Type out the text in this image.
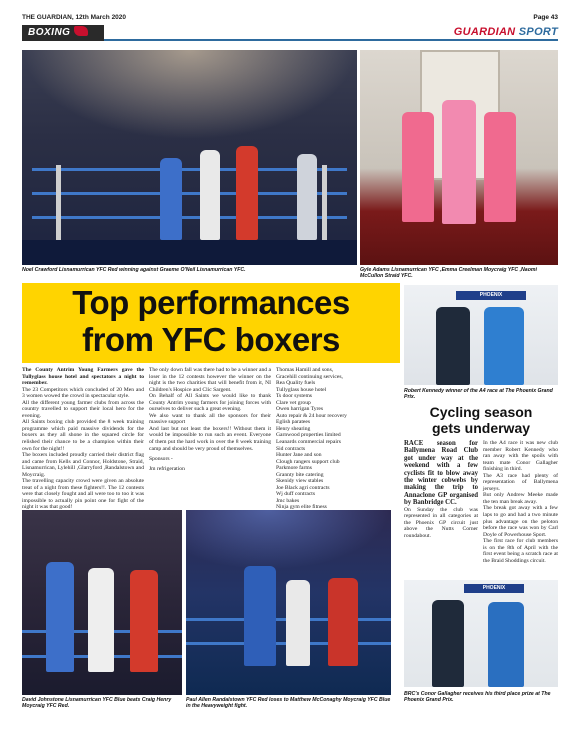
THE GUARDIAN, 12th March 2020	Page 43
BOXING	GUARDIAN SPORT
Noel Crawford Lisnamurrican YFC Red winning against Graeme O'Neil Lisnamurrican YFC.	Gyle Adams Lisnamurrican YFC ,Emma Creelman Moycraig YFC ,Naomi McCullon Straid YFC.
Top performances
from YFC boxers
PHOENIX
Robert Kennedy winner of the A4 race at The Phoenix Grand Prix.
Cycling season
gets underway

The County Antrim Young Farmers gave the Tullyglass house hotel and spectators a night to remember.

The 23 Competitors which concluded of 20 Men and 3 women wowed the crowd in spectacular style.

All the different young farmer clubs from across the country travelled to support their local hero for the evening.

All Saints boxing club provided the 8 week training programme which paid massive dividends for the boxers as they all shone in the squared circle for relished their chance to be a champion within their own for the night!!

The boxers included proudly carried their district flag and came from Kells and Connor, Holdstone, Straid, Lisnamurrican, Lylehill ,Glarryford ,Randalstown and Moycraig.

The travelling capacity crowd were given an absolute treat of a night from these fighters!!. The 12 contests were that closely fought and all were too to too it was impossible to actually pin point one for fight of the night it was that good!

The only down fall was there had to be a winner and a loser in the 12 contests however the winner on the night is the two charities that will benefit from it, NI Children's Hospice and Clic Sargent.

On Behalf of All Saints we would like to thank County Antrim young farmers for joining forces with ourselves to deliver such a great evening.

We also want to thank all the sponsors for their massive support

And last but not least the boxers!! Without them it would be impossible to run such an event. Everyone of them put the hard work in over the 8 week training camp and should be very proud of themselves.

Sponsors -

Jm refrigeration

Thomas Hamill and sons,

Gracehill continuing services,

Rea Quality fuels

Tullyglass house hotel

Ts door systems

Clare vet group

Owen harrigan Tyres

Auto repair & 24 hour recovery

Eglish paratees

Henry shearing

Garnwood properties limited

Leanards commercial repairs

Sid contracts

Hunter Jane and son

Clough rangers support club

Parkmore farms

Grannty bite catering

Skenidy view stables

Joe Black agri contracts

Wj duff contracts

Jmc bakes

Ninja gym elite fitness

RACE season for Ballymena Road Club got under way at the weekend with a few cyclists fit to blow away the winter cobwebs by making the trip to Annaclone GP organised by Banbridge CC.

On Sunday the club was represented in all categories at the Phoenix GP circuit just above the Nutts Corner roundabout.

In the A4 race it was new club member Robert Kennedy who ran away with the spoils with team mate Conor Gallagher finishing in third.

The A3 race had plenty of representation of Ballymena jerseys.

But only Andrew Meeke made the ten man break away.

The break got away with a few laps to go and had a two minute plus advantage on the peloton before the race was won by Carl Doyle of Powerhouse Sport.

The first race for club members is on the 8th of April with the first event being a scratch race at the Braid Shoddings circuit.

David Johnstone Lisnamurrican YFC Blue beats Craig Henry Moycraig YFC Red.
Paul Allen Randalstown YFC Red loses to Matthew McConaghy Moycraig YFC Blue in the Heavyweight fight.
PHOENIX
BRC's Conor Gallagher receives his third place prize at The Phoenix Grand Prix.
